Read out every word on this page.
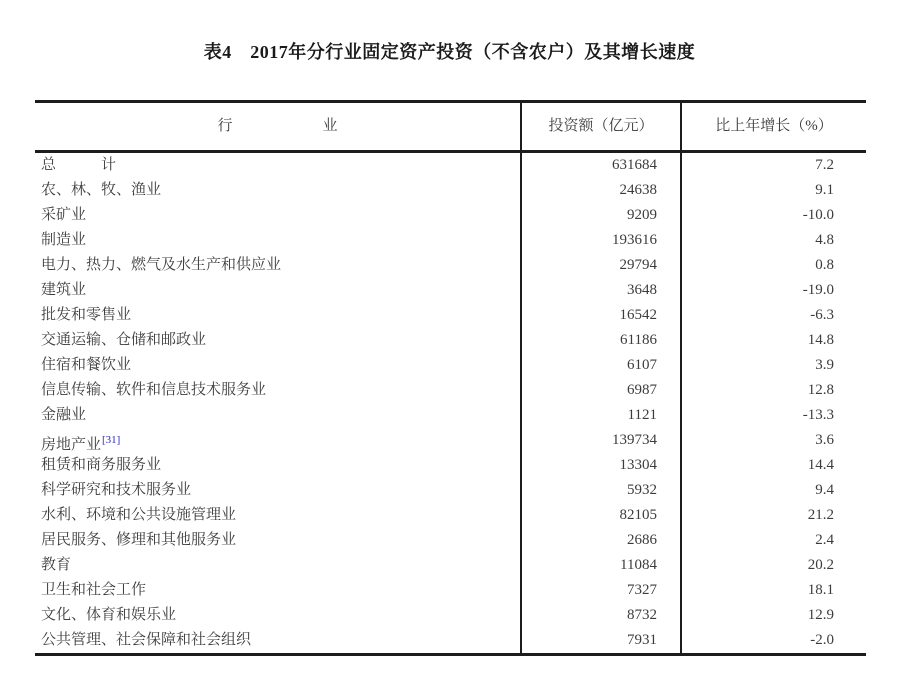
表4　2017年分行业固定资产投资（不含农户）及其增长速度
行　　　　　　业	投资额（亿元）	比上年增长（%）
总　　　计	631684	7.2
农、林、牧、渔业	24638	9.1
采矿业	9209	-10.0
制造业	193616	4.8
电力、热力、燃气及水生产和供应业	29794	0.8
建筑业	3648	-19.0
批发和零售业	16542	-6.3
交通运输、仓储和邮政业	61186	14.8
住宿和餐饮业	6107	3.9
信息传输、软件和信息技术服务业	6987	12.8
金融业	1121	-13.3
房地产业[31]	139734	3.6
租赁和商务服务业	13304	14.4
科学研究和技术服务业	5932	9.4
水利、环境和公共设施管理业	82105	21.2
居民服务、修理和其他服务业	2686	2.4
教育	11084	20.2
卫生和社会工作	7327	18.1
文化、体育和娱乐业	8732	12.9
公共管理、社会保障和社会组织	7931	-2.0
